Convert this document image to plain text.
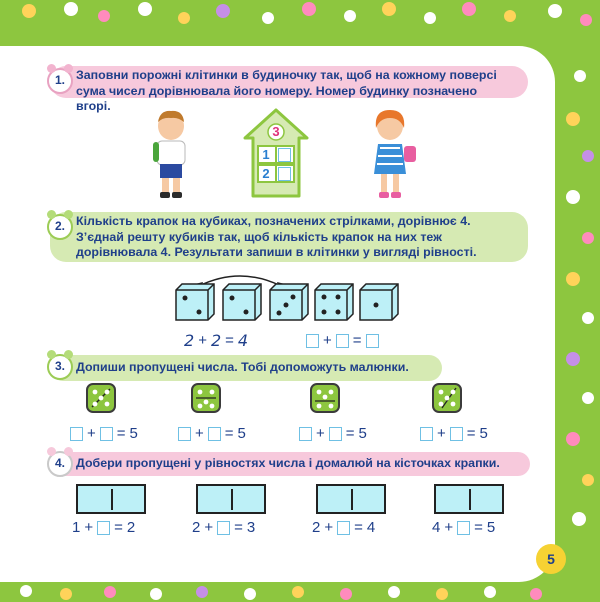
1. Заповни порожні клітинки в будиночку так, щоб на кожному поверсі сума чисел дорівнювала його номеру. Номер будинку позначено вгорі.
3
1
2
2. Кількість крапок на кубиках, позначених стрілками, дорівнює 4. З’єднай решту кубиків так, щоб кількість крапок на них теж дорівнювала 4. Результати запиши в клітинки у вигляді рівності.
2 + 2 = 4	+ =
3. Допиши пропущені числа. Тобі допоможуть малюнки.
+ = 5	+ = 5	+ = 5	+ = 5
4. Добери пропущені у рівностях числа і домалюй на кісточках крапки.
1 + = 2	2 + = 3	2 + = 4	4 + = 5
5
